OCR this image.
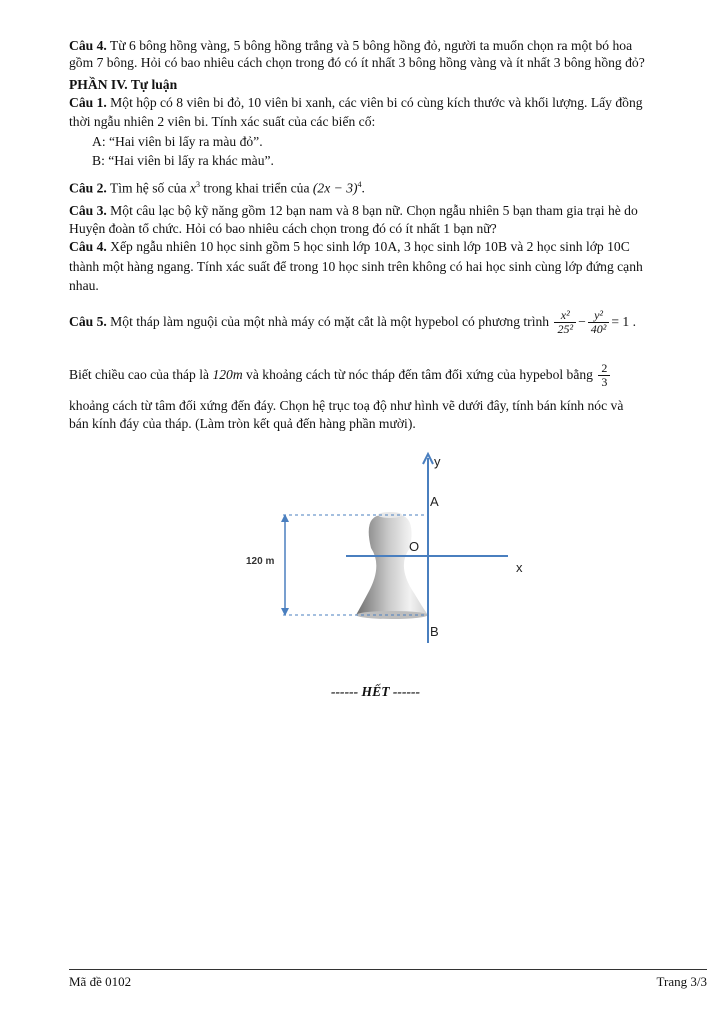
Câu 4. Từ 6 bông hồng vàng, 5 bông hồng trắng và 5 bông hồng đỏ, người ta muốn chọn ra một bó hoa
gồm 7 bông. Hỏi có bao nhiêu cách chọn trong đó có ít nhất 3 bông hồng vàng và ít nhất 3 bông hồng đỏ?
PHẦN IV. Tự luận
Câu 1. Một hộp có 8 viên bi đỏ, 10 viên bi xanh, các viên bi có cùng kích thước và khối lượng. Lấy đồng
thời ngẫu nhiên 2 viên bi. Tính xác suất của các biến cố:
A: “Hai viên bi lấy ra màu đỏ”.
B: “Hai viên bi lấy ra khác màu”.
Câu 2. Tìm hệ số của $x^3$ trong khai triển của $(2x - 3)^4$.
Câu 3. Một câu lạc bộ kỹ năng gồm 12 bạn nam và 8 bạn nữ. Chọn ngẫu nhiên 5 bạn tham gia trại hè do
Huyện đoàn tổ chức. Hỏi có bao nhiêu cách chọn trong đó có ít nhất 1 bạn nữ?
Câu 4. Xếp ngẫu nhiên 10 học sinh gồm 5 học sinh lớp 10A, 3 học sinh lớp 10B và 2 học sinh lớp 10C
thành một hàng ngang. Tính xác suất để trong 10 học sinh trên không có hai học sinh cùng lớp đứng cạnh
nhau.
Câu 5. Một tháp làm nguội của một nhà máy có mặt cắt là một hypebol có phương trình $\frac{\text{x²}}{\text{25²}} - \frac{\text{y²}}{\text{40²}} = 1$ .
Biết chiều cao của tháp là 120m và khoảng cách từ nóc tháp đến tâm đối xứng của hypebol bằng $\frac{2}{3}$
khoảng cách từ tâm đối xứng đến đáy. Chọn hệ trục toạ độ như hình vẽ dưới đây, tính bán kính nóc và
bán kính đáy của tháp. (Làm tròn kết quả đến hàng phần mười).
120 m
y
x
A
O
B
------ HẾT ------
Mã đề 0102	Trang 3/3
